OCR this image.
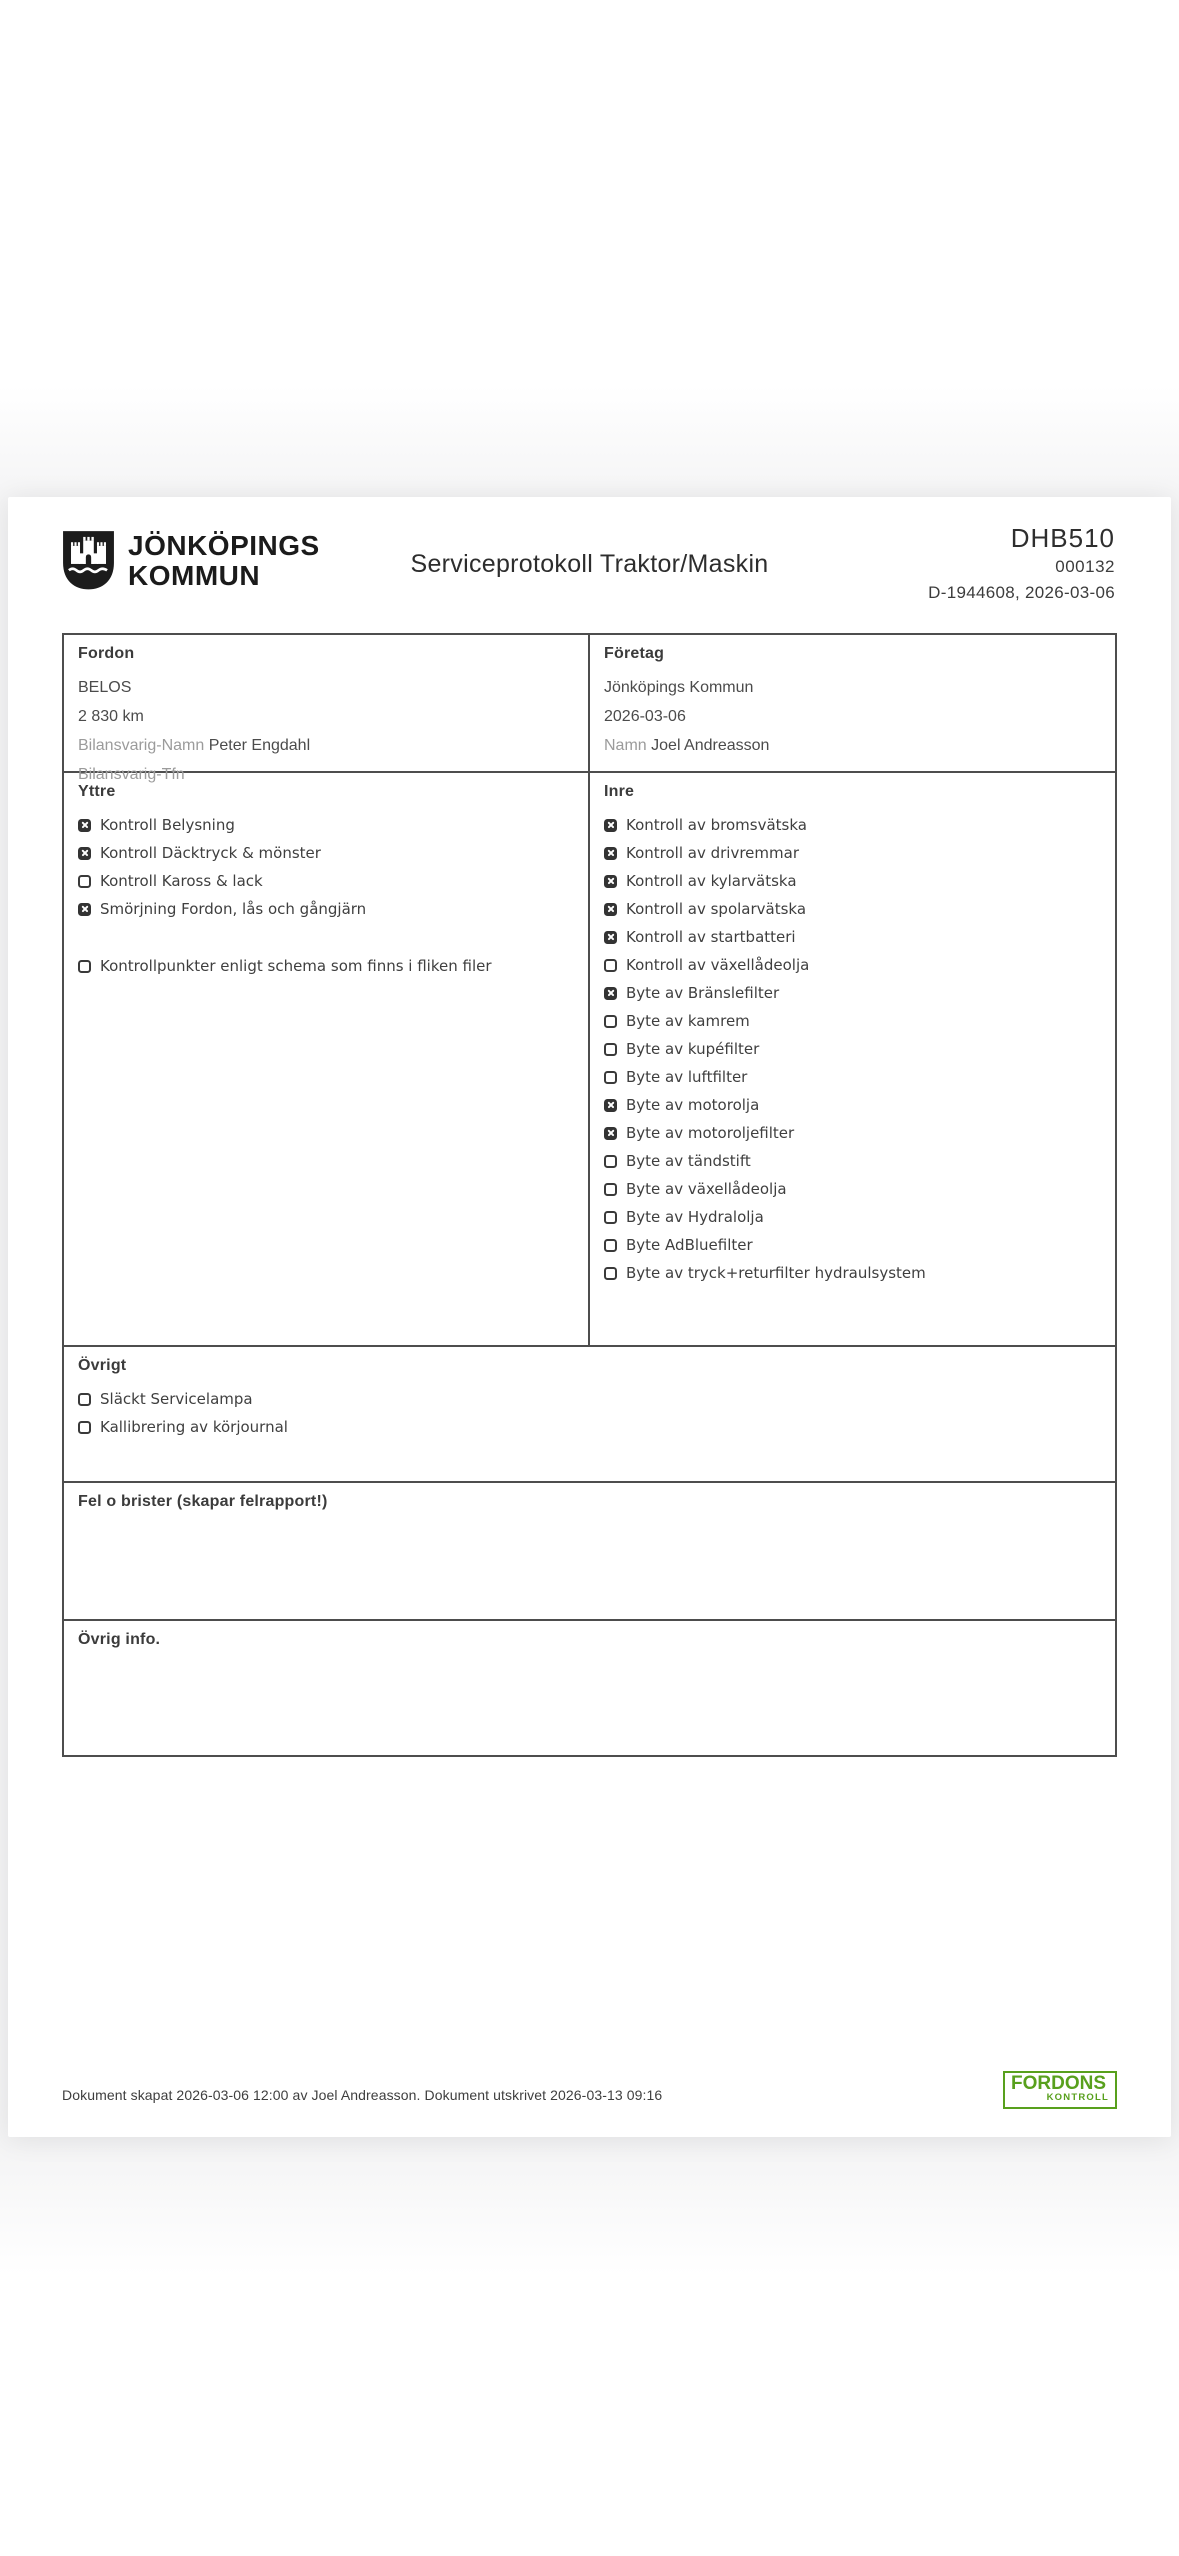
JÖNKÖPINGS
KOMMUN	Serviceprotokoll Traktor/Maskin
DHB510
000132
D-1944608, 2026-03-06
Fordon
BELOS
2 830 km
Bilansvarig-Namn Peter Engdahl
Bilansvarig-Tfn
Företag
Jönköpings Kommun
2026-03-06
Namn Joel Andreasson
Yttre
Kontroll Belysning
Kontroll Däcktryck & mönster
Kontroll Kaross & lack
Smörjning Fordon, lås och gångjärn
Kontrollpunkter enligt schema som finns i fliken filer
Inre
Kontroll av bromsvätska
Kontroll av drivremmar
Kontroll av kylarvätska
Kontroll av spolarvätska
Kontroll av startbatteri
Kontroll av växellådeolja
Byte av Bränslefilter
Byte av kamrem
Byte av kupéfilter
Byte av luftfilter
Byte av motorolja
Byte av motoroljefilter
Byte av tändstift
Byte av växellådeolja
Byte av Hydralolja
Byte AdBluefilter
Byte av tryck+returfilter hydraulsystem
Övrigt
Släckt Servicelampa
Kallibrering av körjournal
Fel o brister (skapar felrapport!)
Övrig info.
Dokument skapat 2026-03-06 12:00 av Joel Andreasson. Dokument utskrivet 2026-03-13 09:16
FORDONS
KONTROLL
